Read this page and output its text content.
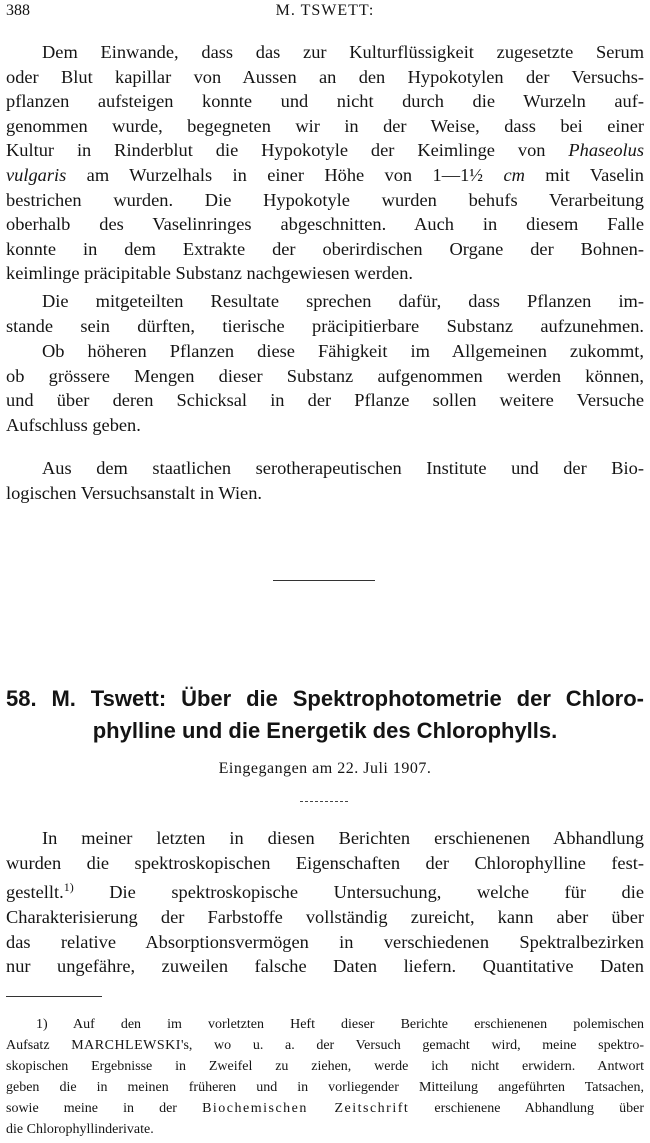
388	M. TSWETT:
Dem Einwande, dass das zur Kulturflüssigkeit zugesetzte Serum
oder Blut kapillar von Aussen an den Hypokotylen der Versuchs-
pflanzen aufsteigen konnte und nicht durch die Wurzeln auf-
genommen wurde, begegneten wir in der Weise, dass bei einer
Kultur in Rinderblut die Hypokotyle der Keimlinge von Phaseolus
vulgaris am Wurzelhals in einer Höhe von 1—1½ cm mit Vaselin
bestrichen wurden. Die Hypokotyle wurden behufs Verarbeitung
oberhalb des Vaselinringes abgeschnitten. Auch in diesem Falle
konnte in dem Extrakte der oberirdischen Organe der Bohnen-
keimlinge präcipitable Substanz nachgewiesen werden.
Die mitgeteilten Resultate sprechen dafür, dass Pflanzen im-
stande sein dürften, tierische präcipitierbare Substanz aufzunehmen.
Ob höheren Pflanzen diese Fähigkeit im Allgemeinen zukommt,
ob grössere Mengen dieser Substanz aufgenommen werden können,
und über deren Schicksal in der Pflanze sollen weitere Versuche
Aufschluss geben.
Aus dem staatlichen serotherapeutischen Institute und der Bio-
logischen Versuchsanstalt in Wien.
58. M. Tswett: Über die Spektrophotometrie der Chloro-
phylline und die Energetik des Chlorophylls.
Eingegangen am 22. Juli 1907.
In meiner letzten in diesen Berichten erschienenen Abhandlung
wurden die spektroskopischen Eigenschaften der Chlorophylline fest-
gestellt.$^{1)}$ Die spektroskopische Untersuchung, welche für die
Charakterisierung der Farbstoffe vollständig zureicht, kann aber über
das relative Absorptionsvermögen in verschiedenen Spektralbezirken
nur ungefähre, zuweilen falsche Daten liefern. Quantitative Daten
1) Auf den im vorletzten Heft dieser Berichte erschienenen polemischen
Aufsatz MARCHLEWSKI's, wo u. a. der Versuch gemacht wird, meine spektro-
skopischen Ergebnisse in Zweifel zu ziehen, werde ich nicht erwidern. Antwort
geben die in meinen früheren und in vorliegender Mitteilung angeführten Tatsachen,
sowie meine in der Biochemischen Zeitschrift erschienene Abhandlung über
die Chlorophyllinderivate.
